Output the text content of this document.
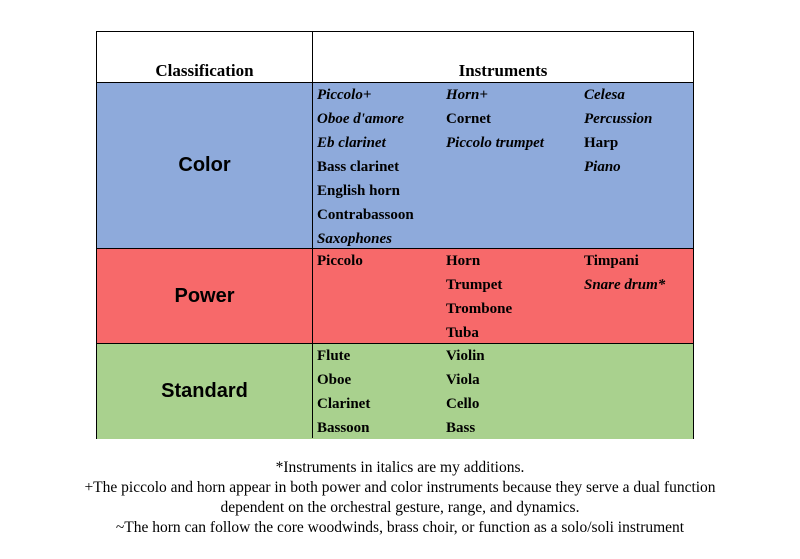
Classification	Instruments
Color
Piccolo+
Oboe d'amore
Eb clarinet
Bass clarinet
English horn
Contrabassoon
Saxophones
Horn+
Cornet
Piccolo trumpet
Celesa
Percussion
Harp
Piano
Power
Piccolo	Horn
Trumpet
Trombone
Tuba
Timpani
Snare drum*
Standard
Flute
Oboe
Clarinet
Bassoon
Violin
Viola
Cello
Bass
*Instruments in italics are my additions.
+The piccolo and horn appear in both power and color instruments because they serve a dual function
dependent on the orchestral gesture, range, and dynamics.
~The horn can follow the core woodwinds, brass choir, or function as a solo/soli instrument
